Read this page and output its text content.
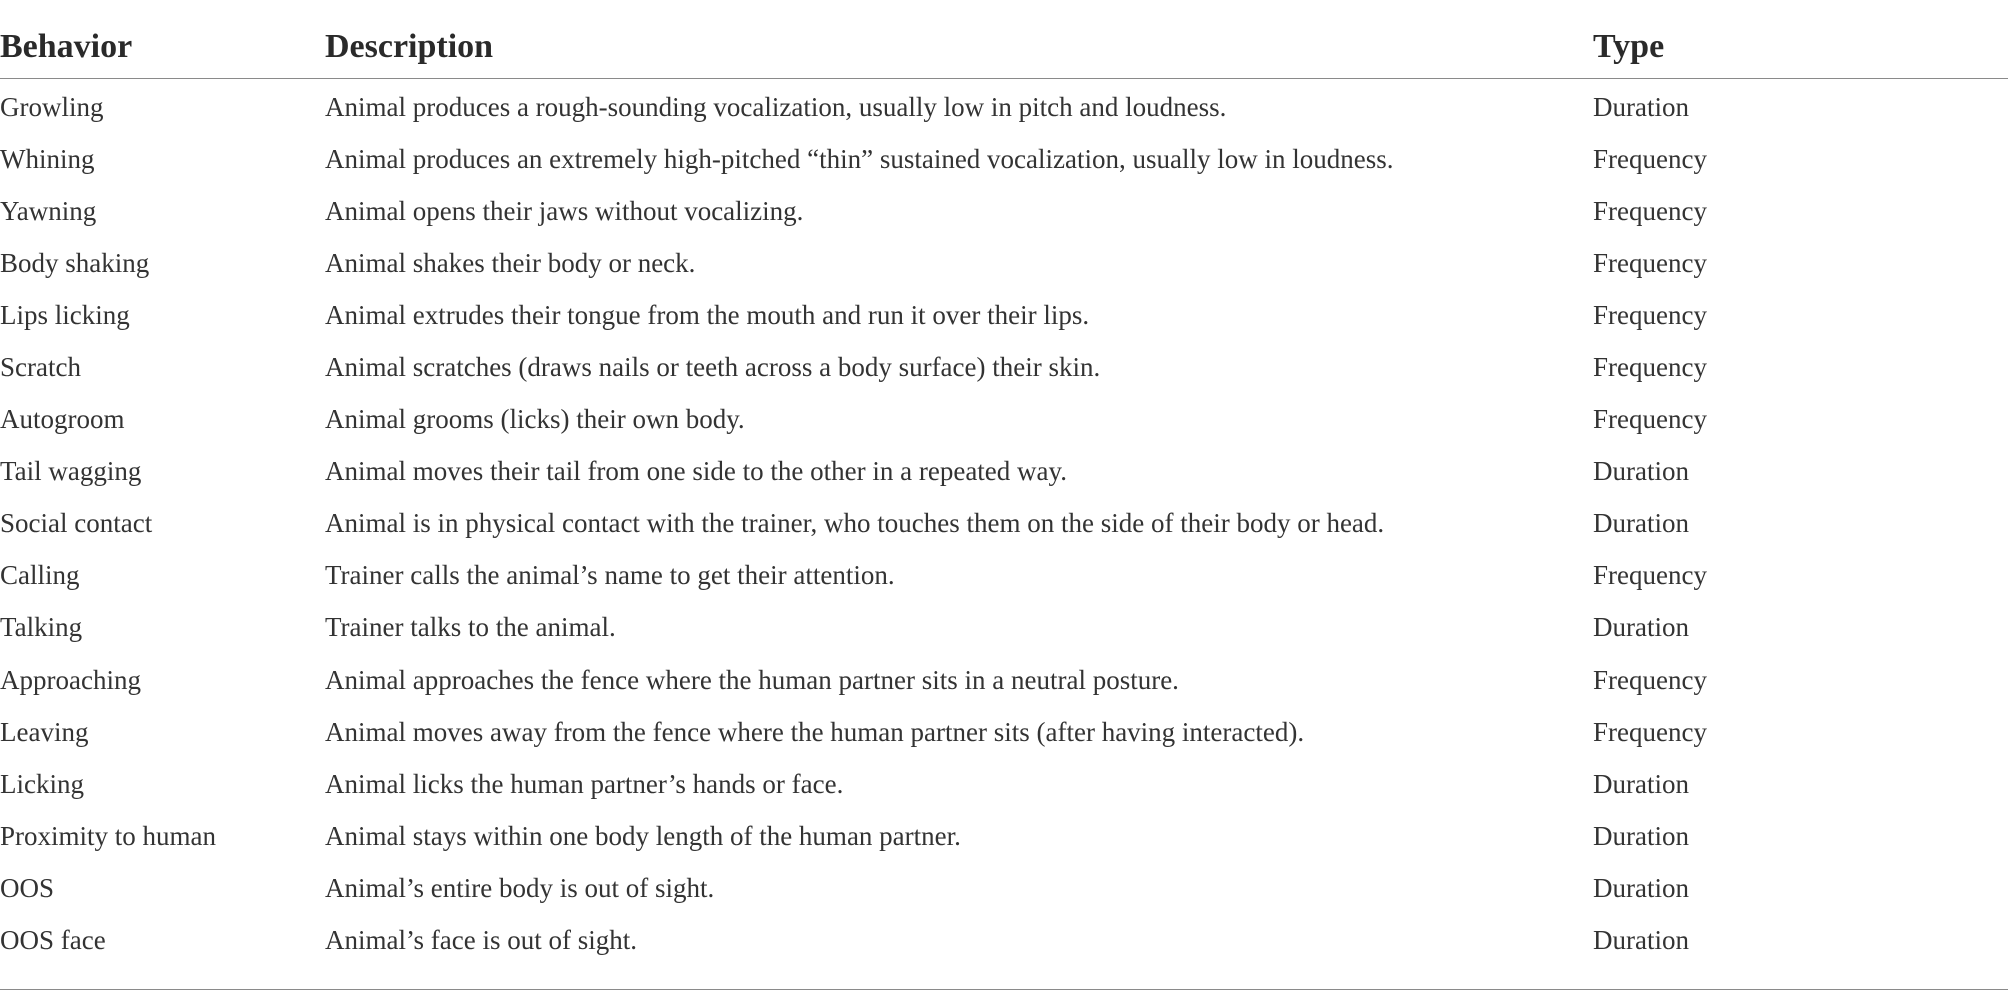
Behavior	Description	Type
Growling	Animal produces a rough-sounding vocalization, usually low in pitch and loudness.	Duration
Whining	Animal produces an extremely high-pitched “thin” sustained vocalization, usually low in loudness.	Frequency
Yawning	Animal opens their jaws without vocalizing.	Frequency
Body shaking	Animal shakes their body or neck.	Frequency
Lips licking	Animal extrudes their tongue from the mouth and run it over their lips.	Frequency
Scratch	Animal scratches (draws nails or teeth across a body surface) their skin.	Frequency
Autogroom	Animal grooms (licks) their own body.	Frequency
Tail wagging	Animal moves their tail from one side to the other in a repeated way.	Duration
Social contact	Animal is in physical contact with the trainer, who touches them on the side of their body or head.	Duration
Calling	Trainer calls the animal’s name to get their attention.	Frequency
Talking	Trainer talks to the animal.	Duration
Approaching	Animal approaches the fence where the human partner sits in a neutral posture.	Frequency
Leaving	Animal moves away from the fence where the human partner sits (after having interacted).	Frequency
Licking	Animal licks the human partner’s hands or face.	Duration
Proximity to human	Animal stays within one body length of the human partner.	Duration
OOS	Animal’s entire body is out of sight.	Duration
OOS face	Animal’s face is out of sight.	Duration
